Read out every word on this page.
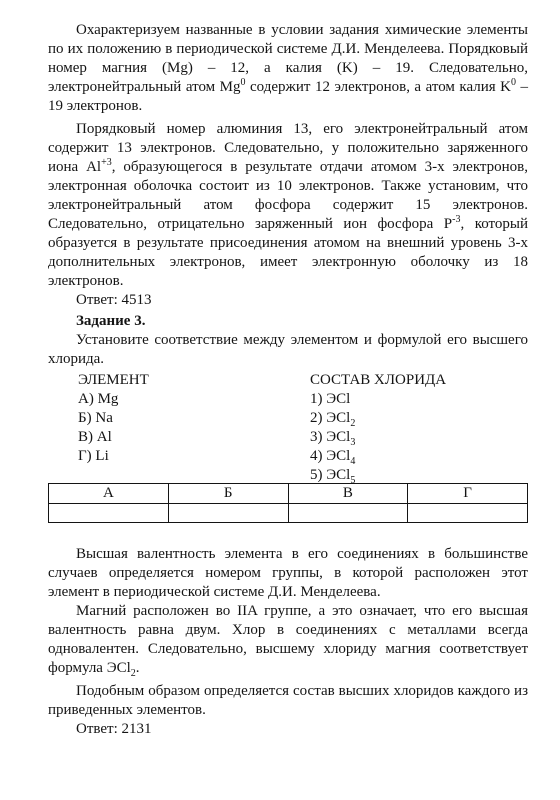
Охарактеризуем названные в условии задания химические элементы по их положению в периодической системе Д.И. Менделеева. Порядковый номер магния (Mg) – 12, а калия (K) – 19. Следовательно, электронейтральный атом Mg$^0$ содержит 12 электронов, а атом калия $K^0 - 19$ электронов.

Порядковый номер алюминия 13, его электронейтральный атом содержит 13 электронов. Следовательно, у положительно заряженного иона $Al^{+3}$, образующегося в результате отдачи атомом 3-х электронов, электронная оболочка состоит из 10 электронов. Также установим, что электронейтральный атом фосфора содержит 15 электронов. Следовательно, отрицательно заряженный ион фосфора $P^{-3}$, который образуется в результате присоединения атомом на внешний уровень 3-х дополнительных электронов, имеет электронную оболочку из 18 электронов.

Ответ: 4513

Задание 3.

Установите соответствие между элементом и формулой его высшего хлорида.

ЭЛЕМЕНТ
А) Mg
Б) Na
В) Al
Г) Li
СОСТАВ ХЛОРИДА
1) ЭCl
2) ЭCl$_2$
3) ЭCl$_3$
4) ЭCl$_4$
5) ЭCl$_5$
А	Б	В	Г

Высшая валентность элемента в его соединениях в большинстве случаев определяется номером группы, в которой расположен этот элемент в периодической системе Д.И. Менделеева.

Магний расположен во IIA группе, а это означает, что его высшая валентность равна двум. Хлор в соединениях с металлами всегда одновалентен. Следовательно, высшему хлориду магния соответствует формула ЭCl$_2$.

Подобным образом определяется состав высших хлоридов каждого из приведенных элементов.

Ответ: 2131
